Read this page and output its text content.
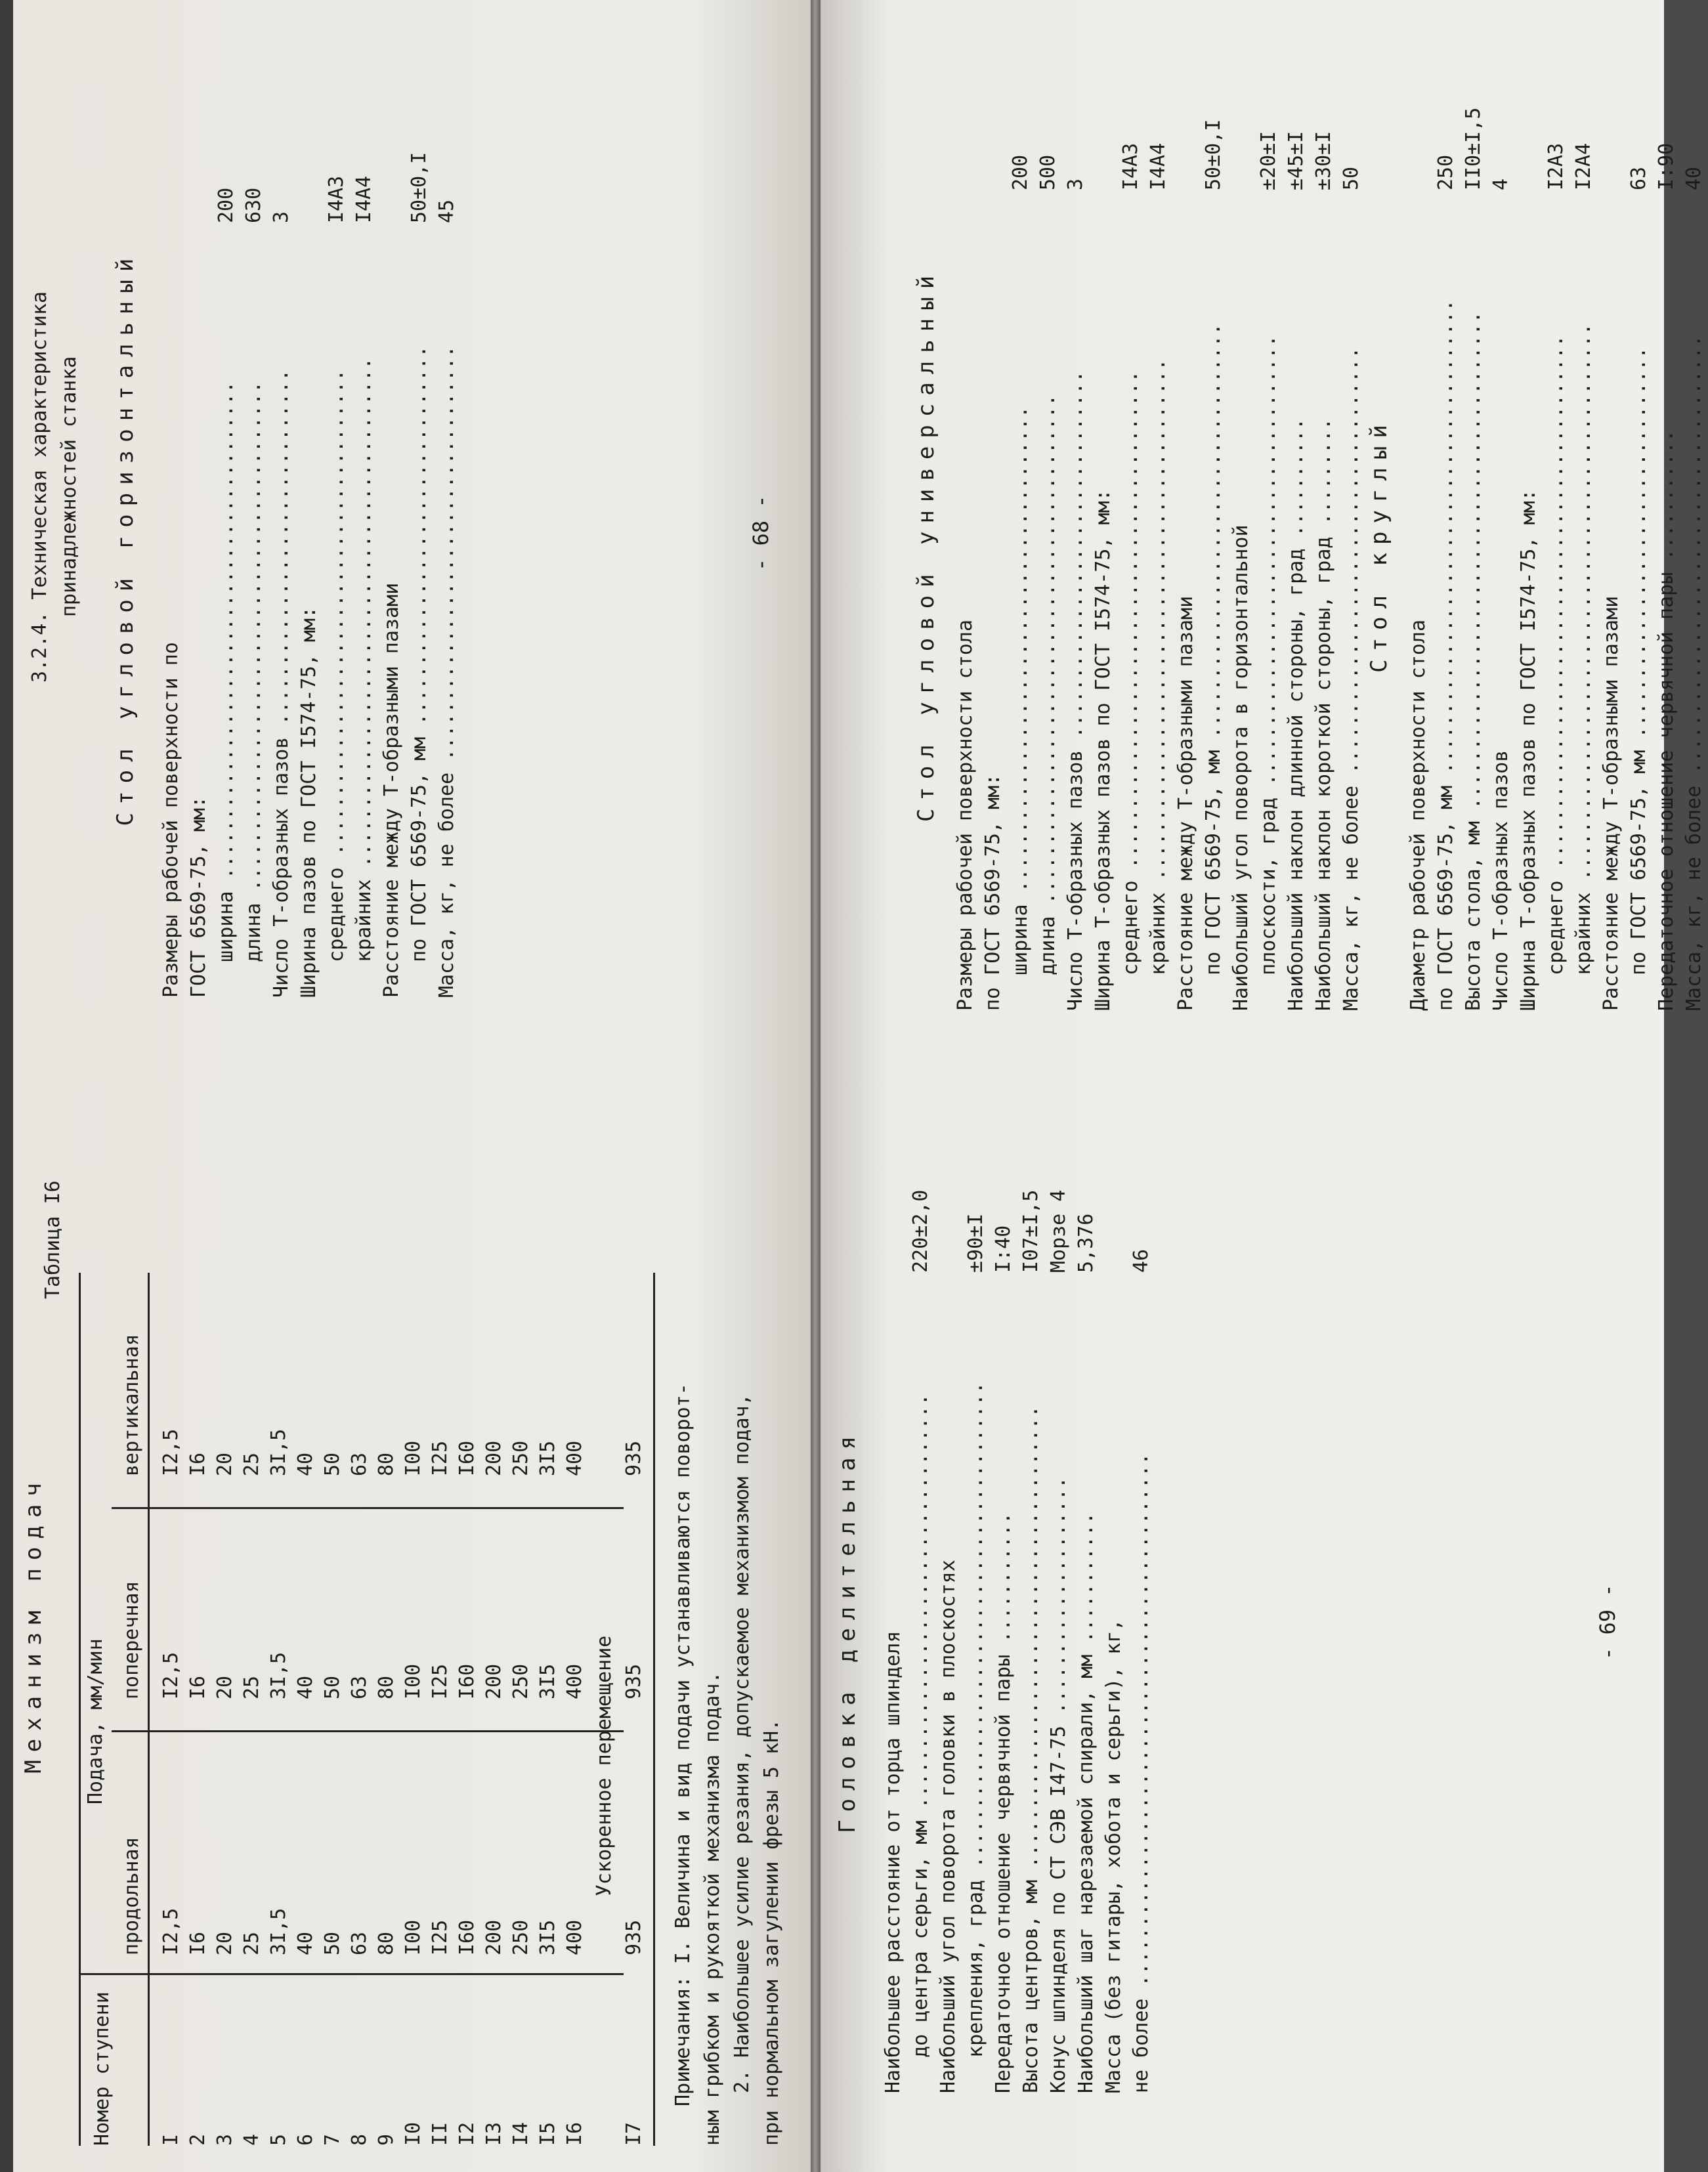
Механизм подач
Таблица I6
Номер ступени
Подача, мм/мин
продольная
поперечная
вертикальная
I
I2,5
I2,5
I2,5
2
I6
I6
I6
3
20
20
20
4
25
25
25
5
3I,5
3I,5
3I,5
6
40
40
40
7
50
50
50
8
63
63
63
9
80
80
80
I0
I00
I00
I00
II
I25
I25
I25
I2
I60
I60
I60
I3
200
200
200
I4
250
250
250
I5
3I5
3I5
3I5
I6
400
400
400
Ускоренное перемещение
I7
935
935
935 Примечания: I. Величина и вид подачи устанавливаются поворот- ным грибком и рукояткой механизма подач. 2. Наибольшее усилие резания, допускаемое механизмом подач, при нормальном загулении фрезы 5 кН.
Стол угловой универсальный Размеры рабочей поверхности стола по ГОСТ 6569-75, мм: ширина .........................................
200
длина ...........................................
500
Число Т-образных пазов ...............................
3
Ширина Т-образных пазов по ГОСТ I574-75, мм: среднего ..........................................
I4A3
крайних ............................................
I4A4
Расстояние между Т-образными пазами по ГОСТ 6569-75, мм ...................................
50±0,I
Наибольший угол поворота в горизонтальной плоскости, град ......................................
±20±I
Наибольший наклон длинной стороны, град ..........
±45±I
Наибольший наклон короткой стороны, град .........
±30±I
Масса, кг, не более ....................................
50
Стол круглый
Диаметр рабочей поверхности стола по ГОСТ 6569-75, мм ........................................
250
Высота стола, мм ..........................................
II0±I,5
Число Т-образных пазов
4
Ширина Т-образных пазов по ГОСТ I574-75, мм: среднего .............................................
I2A3
крайних ...............................................
I2A4
Расстояние между Т-образными пазами по ГОСТ 6569-75, мм .................................
63
Передаточное отношение червячной пары ...........
I:90
Масса, кг, не более .....................................
40
Головка делительная
Наибольшее расстояние от торца шпинделя до центра серьги, мм ...................................
220±2,0
Наибольший угол поворота головки в плоскостях крепления, град .........................................
±90±I
Передаточное отношение червячной пары ...........
I:40
Высота центров, мм .......................................
I07±I,5
Конус шпинделя по СТ СЭВ I47-75 ....................
Морзе 4
Наибольший шаг нарезаемой спирали, мм ...........
5,376
Масса (без гитары, хобота и серьги), кг, не более .............................................
46
- 69 -
3.2.4. Техническая характеристика принадлежностей станка Стол угловой горизонтальный Размеры рабочей поверхности по ГОСТ 6569-75, мм: ширина ..........................................
200
длина ...........................................
630
Число Т-образных пазов ..............................
3
Ширина пазов по ГОСТ I574-75, мм: среднего .........................................
I4A3
крайних ...........................................
I4A4
Расстояние между Т-образными пазами по ГОСТ 6569-75, мм ................................
50±0,I
Масса, кг, не более ...................................
45
- 68 -
